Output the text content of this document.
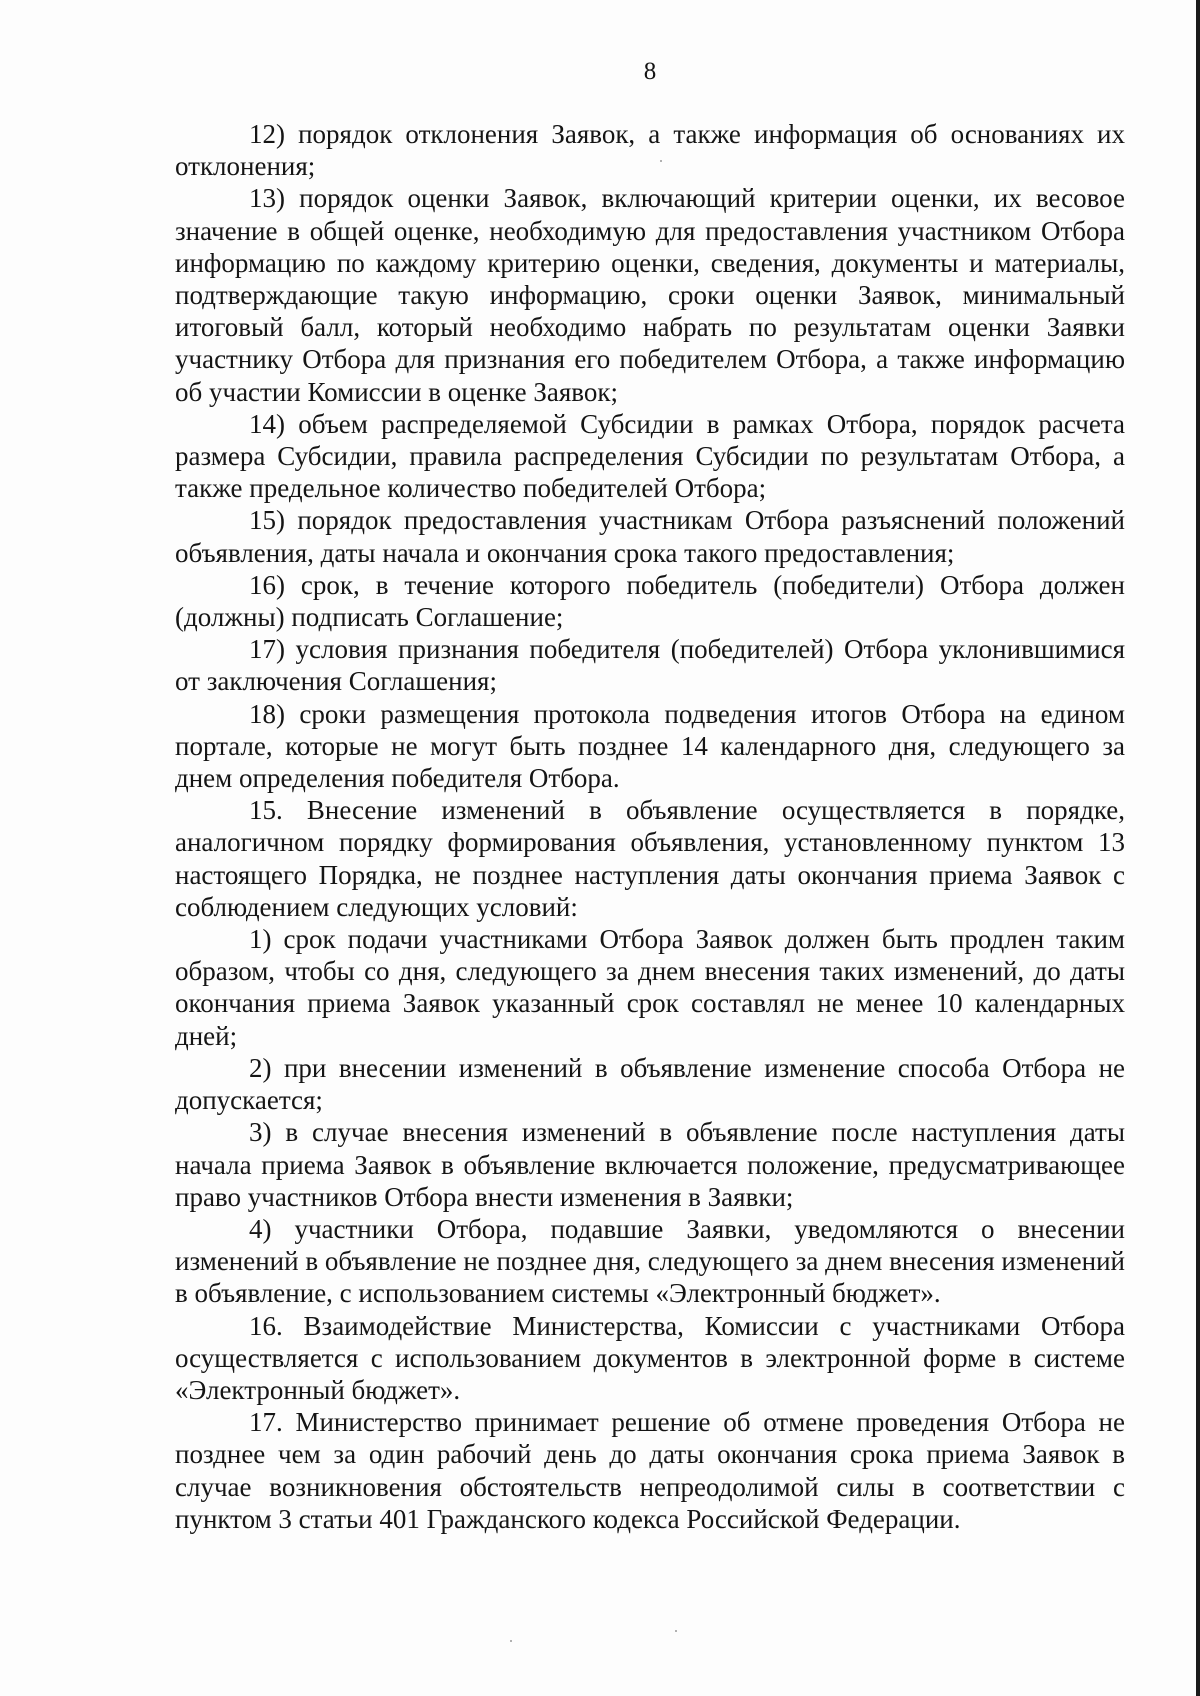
8

12) порядок отклонения Заявок, а также информация об основаниях их отклонения;

13) порядок оценки Заявок, включающий критерии оценки, их весовое значение в общей оценке, необходимую для предоставления участником Отбора информацию по каждому критерию оценки, сведения, документы и материалы, подтверждающие такую информацию, сроки оценки Заявок, минимальный итоговый балл, который необходимо набрать по результатам оценки Заявки участнику Отбора для признания его победителем Отбора, а также информацию об участии Комиссии в оценке Заявок;

14) объем распределяемой Субсидии в рамках Отбора, порядок расчета размера Субсидии, правила распределения Субсидии по результатам Отбора, а также предельное количество победителей Отбора;

15) порядок предоставления участникам Отбора разъяснений положений объявления, даты начала и окончания срока такого предоставления;

16) срок, в течение которого победитель (победители) Отбора должен (должны) подписать Соглашение;

17) условия признания победителя (победителей) Отбора уклонившимися от заключения Соглашения;

18) сроки размещения протокола подведения итогов Отбора на едином портале, которые не могут быть позднее 14 календарного дня, следующего за днем определения победителя Отбора.

15. Внесение изменений в объявление осуществляется в порядке, аналогичном порядку формирования объявления, установленному пунктом 13 настоящего Порядка, не позднее наступления даты окончания приема Заявок с соблюдением следующих условий:

1) срок подачи участниками Отбора Заявок должен быть продлен таким образом, чтобы со дня, следующего за днем внесения таких изменений, до даты окончания приема Заявок указанный срок составлял не менее 10 календарных дней;

2) при внесении изменений в объявление изменение способа Отбора не допускается;

3) в случае внесения изменений в объявление после наступления даты начала приема Заявок в объявление включается положение, предусматривающее право участников Отбора внести изменения в Заявки;

4) участники Отбора, подавшие Заявки, уведомляются о внесении изменений в объявление не позднее дня, следующего за днем внесения изменений в объявление, с использованием системы «Электронный бюджет».

16. Взаимодействие Министерства, Комиссии с участниками Отбора осуществляется с использованием документов в электронной форме в системе «Электронный бюджет».

17. Министерство принимает решение об отмене проведения Отбора не позднее чем за один рабочий день до даты окончания срока приема Заявок в случае возникновения обстоятельств непреодолимой силы в соответствии с пунктом 3 статьи 401 Гражданского кодекса Российской Федерации.
